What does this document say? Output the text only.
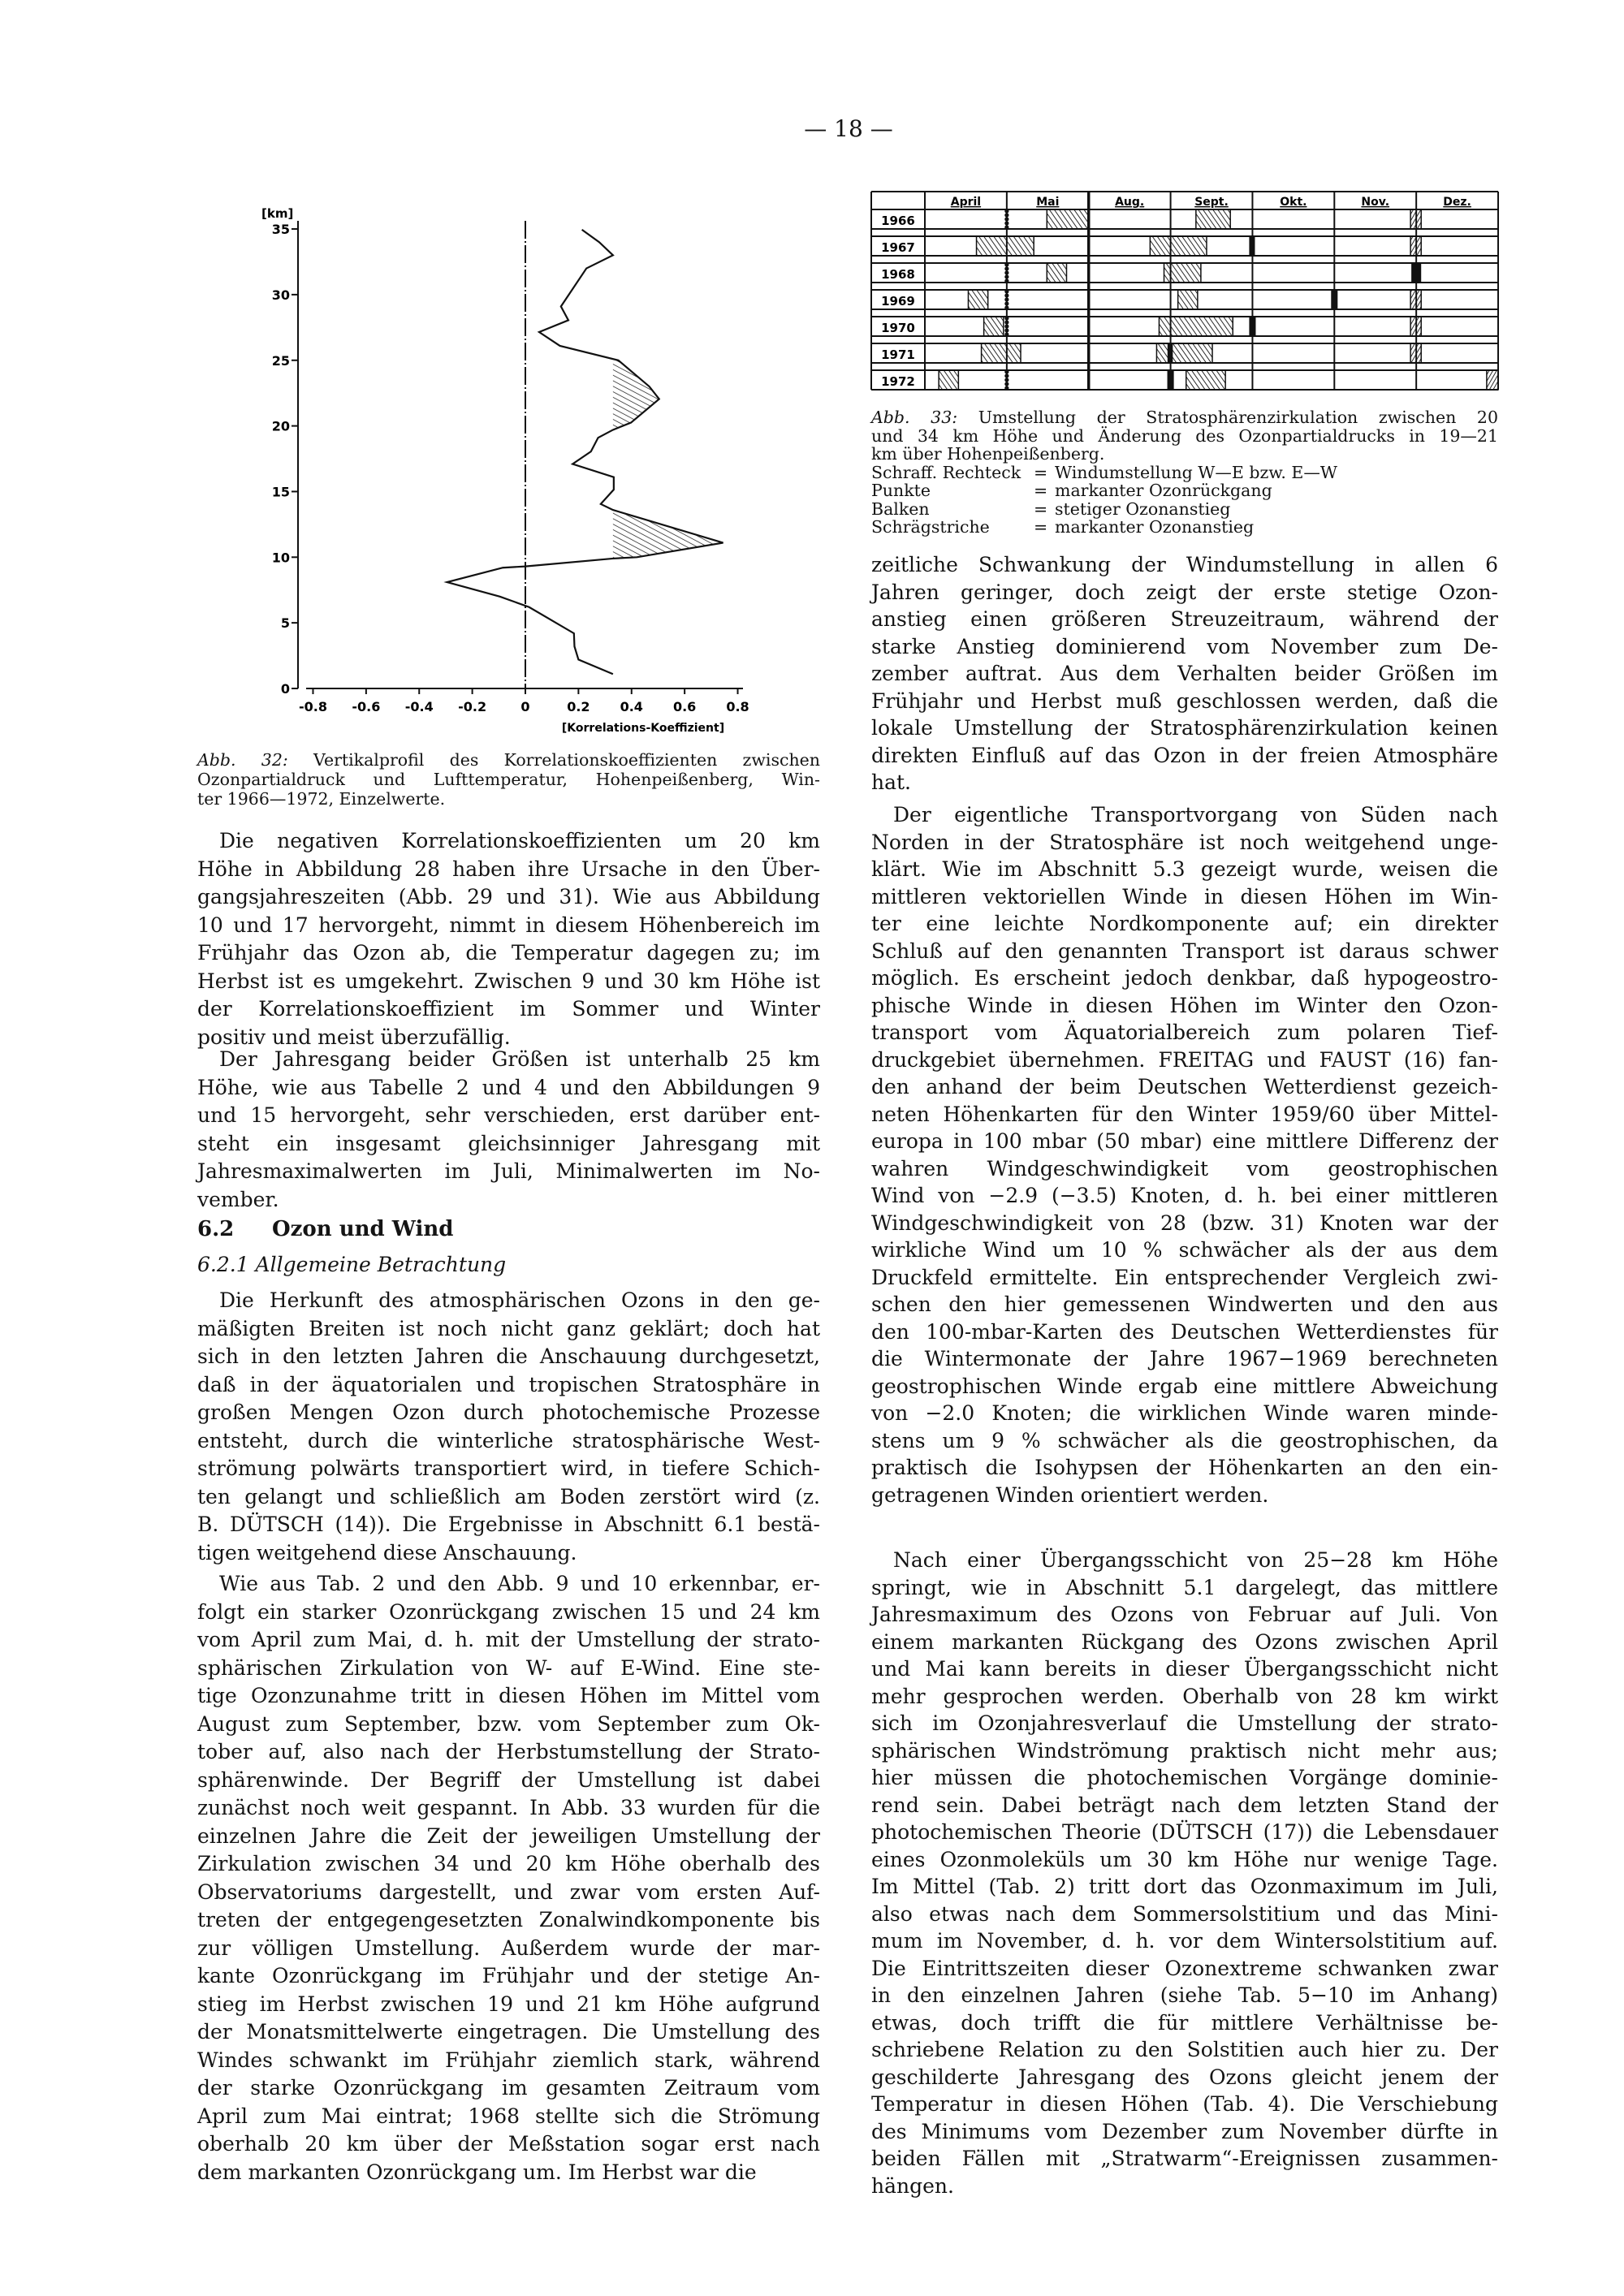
— 18 —
0
5
10
15
20
25
30
35
-0.8 -0.6 -0.4 -0.2	0	0.2 0.4 0.6 0.8
[km]
[Korrelations-Koeffizient]
Abb. 32: Vertikalprofil des Korrelationskoeffizienten zwischen
Ozonpartialdruck und Lufttemperatur, Hohenpeißenberg, Win-
ter 1966—1972, Einzelwerte.
April	Mai	Aug.	Sept.	Okt.	Nov.	Dez.
1966
1967
1968
1969
1970
1971
1972
Abb. 33: Umstellung der Stratosphärenzirkulation zwischen 20
und 34 km Höhe und Änderung des Ozonpartialdrucks in 19—21
km über Hohenpeißenberg.
Schraff. Rechteck = Windumstellung W—E bzw. E—W
Punkte	= markanter Ozonrückgang
Balken	= stetiger Ozonanstieg
Schrägstriche	= markanter Ozonanstieg
Die negativen Korrelationskoeffizienten um 20 km
Höhe in Abbildung 28 haben ihre Ursache in den Über-
gangsjahreszeiten (Abb. 29 und 31). Wie aus Abbildung
10 und 17 hervorgeht, nimmt in diesem Höhenbereich im
Frühjahr das Ozon ab, die Temperatur dagegen zu; im
Herbst ist es umgekehrt. Zwischen 9 und 30 km Höhe ist
der Korrelationskoeffizient im Sommer und Winter
positiv und meist überzufällig.
Der Jahresgang beider Größen ist unterhalb 25 km
Höhe, wie aus Tabelle 2 und 4 und den Abbildungen 9
und 15 hervorgeht, sehr verschieden, erst darüber ent-
steht ein insgesamt gleichsinniger Jahresgang mit
Jahresmaximalwerten im Juli, Minimalwerten im No-
vember.
6.2 Ozon und Wind
6.2.1 Allgemeine Betrachtung
Die Herkunft des atmosphärischen Ozons in den ge-
mäßigten Breiten ist noch nicht ganz geklärt; doch hat
sich in den letzten Jahren die Anschauung durchgesetzt,
daß in der äquatorialen und tropischen Stratosphäre in
großen Mengen Ozon durch photochemische Prozesse
entsteht, durch die winterliche stratosphärische West-
strömung polwärts transportiert wird, in tiefere Schich-
ten gelangt und schließlich am Boden zerstört wird (z.
B. DÜTSCH (14)). Die Ergebnisse in Abschnitt 6.1 bestä-
tigen weitgehend diese Anschauung.
Wie aus Tab. 2 und den Abb. 9 und 10 erkennbar, er-
folgt ein starker Ozonrückgang zwischen 15 und 24 km
vom April zum Mai, d. h. mit der Umstellung der strato-
sphärischen Zirkulation von W- auf E-Wind. Eine ste-
tige Ozonzunahme tritt in diesen Höhen im Mittel vom
August zum September, bzw. vom September zum Ok-
tober auf, also nach der Herbstumstellung der Strato-
sphärenwinde. Der Begriff der Umstellung ist dabei
zunächst noch weit gespannt. In Abb. 33 wurden für die
einzelnen Jahre die Zeit der jeweiligen Umstellung der
Zirkulation zwischen 34 und 20 km Höhe oberhalb des
Observatoriums dargestellt, und zwar vom ersten Auf-
treten der entgegengesetzten Zonalwindkomponente bis
zur völligen Umstellung. Außerdem wurde der mar-
kante Ozonrückgang im Frühjahr und der stetige An-
stieg im Herbst zwischen 19 und 21 km Höhe aufgrund
der Monatsmittelwerte eingetragen. Die Umstellung des
Windes schwankt im Frühjahr ziemlich stark, während
der starke Ozonrückgang im gesamten Zeitraum vom
April zum Mai eintrat; 1968 stellte sich die Strömung
oberhalb 20 km über der Meßstation sogar erst nach
dem markanten Ozonrückgang um. Im Herbst war die
zeitliche Schwankung der Windumstellung in allen 6
Jahren geringer, doch zeigt der erste stetige Ozon-
anstieg einen größeren Streuzeitraum, während der
starke Anstieg dominierend vom November zum De-
zember auftrat. Aus dem Verhalten beider Größen im
Frühjahr und Herbst muß geschlossen werden, daß die
lokale Umstellung der Stratosphärenzirkulation keinen
direkten Einfluß auf das Ozon in der freien Atmosphäre
hat.
Der eigentliche Transportvorgang von Süden nach
Norden in der Stratosphäre ist noch weitgehend unge-
klärt. Wie im Abschnitt 5.3 gezeigt wurde, weisen die
mittleren vektoriellen Winde in diesen Höhen im Win-
ter eine leichte Nordkomponente auf; ein direkter
Schluß auf den genannten Transport ist daraus schwer
möglich. Es erscheint jedoch denkbar, daß hypogeostro-
phische Winde in diesen Höhen im Winter den Ozon-
transport vom Äquatorialbereich zum polaren Tief-
druckgebiet übernehmen. FREITAG und FAUST (16) fan-
den anhand der beim Deutschen Wetterdienst gezeich-
neten Höhenkarten für den Winter 1959/60 über Mittel-
europa in 100 mbar (50 mbar) eine mittlere Differenz der
wahren Windgeschwindigkeit vom geostrophischen
Wind von −2.9 (−3.5) Knoten, d. h. bei einer mittleren
Windgeschwindigkeit von 28 (bzw. 31) Knoten war der
wirkliche Wind um 10 % schwächer als der aus dem
Druckfeld ermittelte. Ein entsprechender Vergleich zwi-
schen den hier gemessenen Windwerten und den aus
den 100-mbar-Karten des Deutschen Wetterdienstes für
die Wintermonate der Jahre 1967−1969 berechneten
geostrophischen Winde ergab eine mittlere Abweichung
von −2.0 Knoten; die wirklichen Winde waren minde-
stens um 9 % schwächer als die geostrophischen, da
praktisch die Isohypsen der Höhenkarten an den ein-
getragenen Winden orientiert werden.
Nach einer Übergangsschicht von 25−28 km Höhe
springt, wie in Abschnitt 5.1 dargelegt, das mittlere
Jahresmaximum des Ozons von Februar auf Juli. Von
einem markanten Rückgang des Ozons zwischen April
und Mai kann bereits in dieser Übergangsschicht nicht
mehr gesprochen werden. Oberhalb von 28 km wirkt
sich im Ozonjahresverlauf die Umstellung der strato-
sphärischen Windströmung praktisch nicht mehr aus;
hier müssen die photochemischen Vorgänge dominie-
rend sein. Dabei beträgt nach dem letzten Stand der
photochemischen Theorie (DÜTSCH (17)) die Lebensdauer
eines Ozonmoleküls um 30 km Höhe nur wenige Tage.
Im Mittel (Tab. 2) tritt dort das Ozonmaximum im Juli,
also etwas nach dem Sommersolstitium und das Mini-
mum im November, d. h. vor dem Wintersolstitium auf.
Die Eintrittszeiten dieser Ozonextreme schwanken zwar
in den einzelnen Jahren (siehe Tab. 5−10 im Anhang)
etwas, doch trifft die für mittlere Verhältnisse be-
schriebene Relation zu den Solstitien auch hier zu. Der
geschilderte Jahresgang des Ozons gleicht jenem der
Temperatur in diesen Höhen (Tab. 4). Die Verschiebung
des Minimums vom Dezember zum November dürfte in
beiden Fällen mit „Stratwarm“-Ereignissen zusammen-
hängen.
